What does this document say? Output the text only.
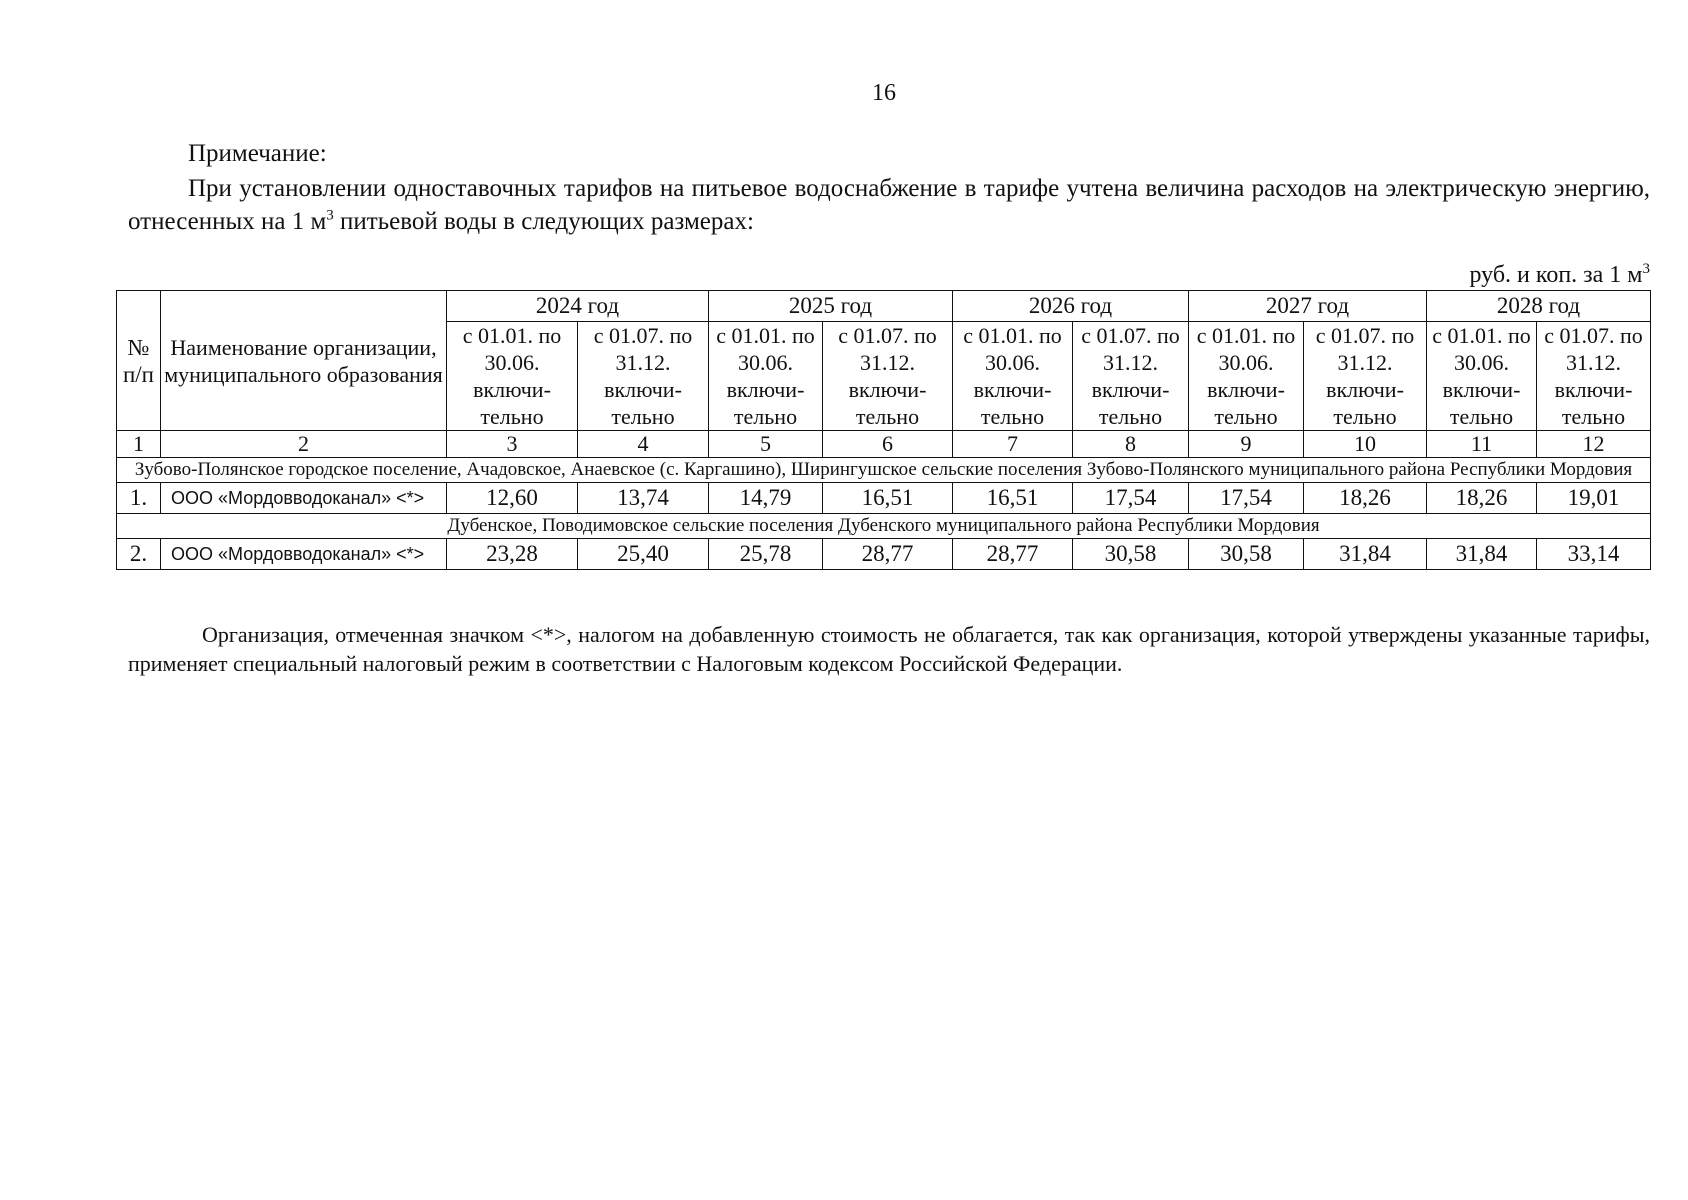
16
Примечание:
При установлении одноставочных тарифов на питьевое водоснабжение в тарифе учтена величина расходов на электрическую энергию, отнесенных на 1 $м^3$ питьевой воды в следующих размерах:
руб. и коп. за 1 $м^3$
№ п/п	Наименование организации, муниципального образования	2024 год		2025 год		2026 год		2027 год		2028 год	
		с 01.01. по 30.06. включи-тельно	с 01.07. по 31.12. включи-тельно	с 01.01. по 30.06. включи-тельно	с 01.07. по 31.12. включи-тельно	с 01.01. по 30.06. включи-тельно	с 01.07. по 31.12. включи-тельно	с 01.01. по 30.06. включи-тельно	с 01.07. по 31.12. включи-тельно	с 01.01. по 30.06. включи-тельно	с 01.07. по 31.12. включи-тельно
1	2	3	4	5	6	7	8	9	10	11	12
Зубово-Полянское городское поселение, Ачадовское, Анаевское (с. Каргашино), Ширингушское сельские поселения Зубово-Полянского муниципального района Республики Мордовия											
1.	ООО «Мордовводоканал» <*>	12,60	13,74	14,79	16,51	16,51	17,54	17,54	18,26	18,26	19,01
Дубенское, Поводимовское сельские поселения Дубенского муниципального района Республики Мордовия											
2.	ООО «Мордовводоканал» <*>	23,28	25,40	25,78	28,77	28,77	30,58	30,58	31,84	31,84	33,14
Организация, отмеченная значком <*>, налогом на добавленную стоимость не облагается, так как организация, которой утверждены указанные тарифы, применяет специальный налоговый режим в соответствии с Налоговым кодексом Российской Федерации.
